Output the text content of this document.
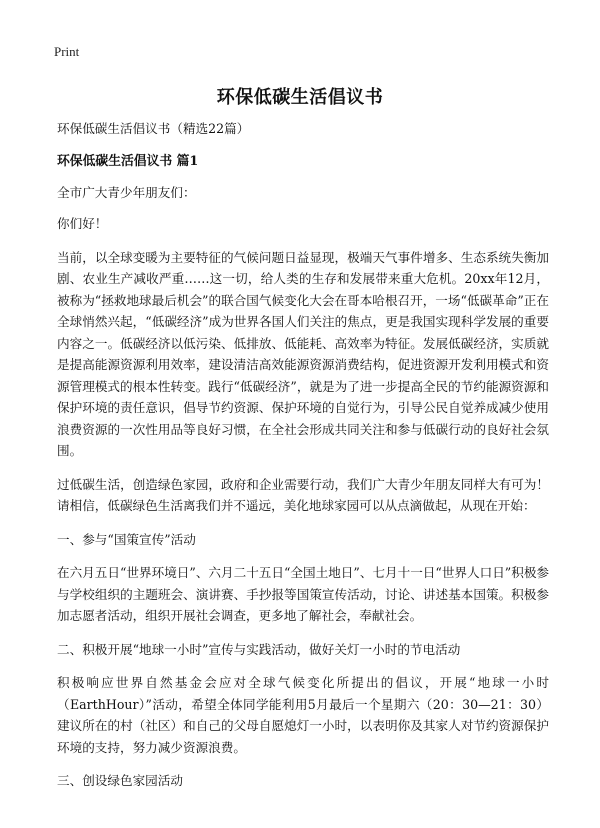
Print
环保低碳生活倡议书

环保低碳生活倡议书（精选22篇）

环保低碳生活倡议书 篇1

全市广大青少年朋友们：

你们好！

当前，以全球变暖为主要特征的气候问题日益显现，极端天气事件增多、生态系统失衡加剧、农业生产减收严重……这一切，给人类的生存和发展带来重大危机。20xx年12月，被称为“拯救地球最后机会”的联合国气候变化大会在哥本哈根召开，一场“低碳革命”正在全球悄然兴起，“低碳经济”成为世界各国人们关注的焦点，更是我国实现科学发展的重要内容之一。低碳经济以低污染、低排放、低能耗、高效率为特征。发展低碳经济，实质就是提高能源资源利用效率，建设清洁高效能源资源消费结构，促进资源开发利用模式和资源管理模式的根本性转变。践行“低碳经济”，就是为了进一步提高全民的节约能源资源和保护环境的责任意识，倡导节约资源、保护环境的自觉行为，引导公民自觉养成减少使用浪费资源的一次性用品等良好习惯，在全社会形成共同关注和参与低碳行动的良好社会氛围。

过低碳生活，创造绿色家园，政府和企业需要行动，我们广大青少年朋友同样大有可为！请相信，低碳绿色生活离我们并不遥远，美化地球家园可以从点滴做起，从现在开始：

一、参与“国策宣传”活动

在六月五日“世界环境日”、六月二十五日“全国土地日”、七月十一日“世界人口日”积极参与学校组织的主题班会、演讲赛、手抄报等国策宣传活动，讨论、讲述基本国策。积极参加志愿者活动，组织开展社会调查，更多地了解社会，奉献社会。

二、积极开展“地球一小时”宣传与实践活动，做好关灯一小时的节电活动

积极响应世界自然基金会应对全球气候变化所提出的倡议，开展“地球一小时（EarthHour）”活动，希望全体同学能利用5月最后一个星期六（20：30—21：30）建议所在的村（社区）和自己的父母自愿熄灯一小时，以表明你及其家人对节约资源保护环境的支持，努力减少资源浪费。

三、创设绿色家园活动
